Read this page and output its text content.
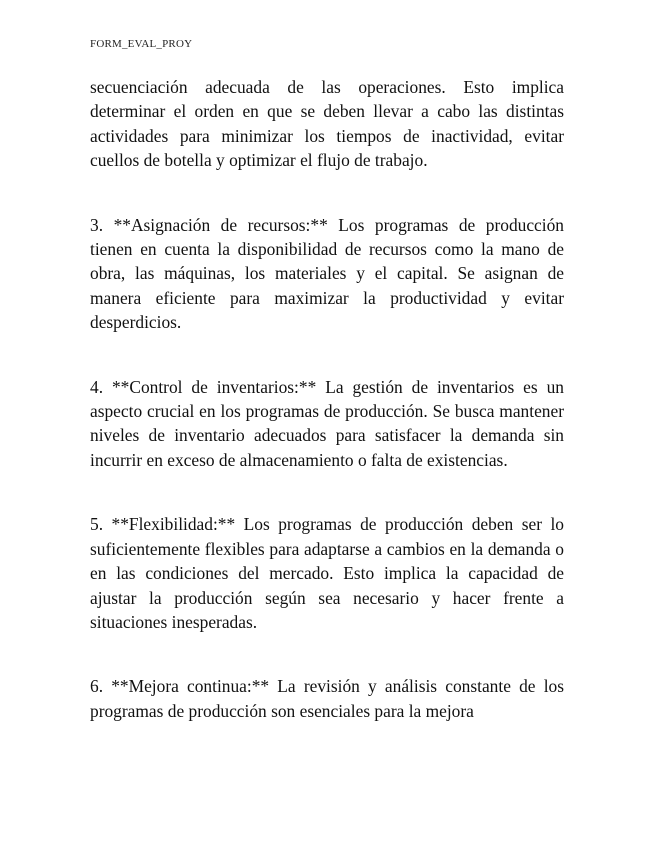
FORM_EVAL_PROY

secuenciación adecuada de las operaciones. Esto implica determinar el orden en que se deben llevar a cabo las distintas actividades para minimizar los tiempos de inactividad, evitar cuellos de botella y optimizar el flujo de trabajo.

3. **Asignación de recursos:** Los programas de producción tienen en cuenta la disponibilidad de recursos como la mano de obra, las máquinas, los materiales y el capital. Se asignan de manera eficiente para maximizar la productividad y evitar desperdicios.

4. **Control de inventarios:** La gestión de inventarios es un aspecto crucial en los programas de producción. Se busca mantener niveles de inventario adecuados para satisfacer la demanda sin incurrir en exceso de almacenamiento o falta de existencias.

5. **Flexibilidad:** Los programas de producción deben ser lo suficientemente flexibles para adaptarse a cambios en la demanda o en las condiciones del mercado. Esto implica la capacidad de ajustar la producción según sea necesario y hacer frente a situaciones inesperadas.

6. **Mejora continua:** La revisión y análisis constante de los programas de producción son esenciales para la mejora
